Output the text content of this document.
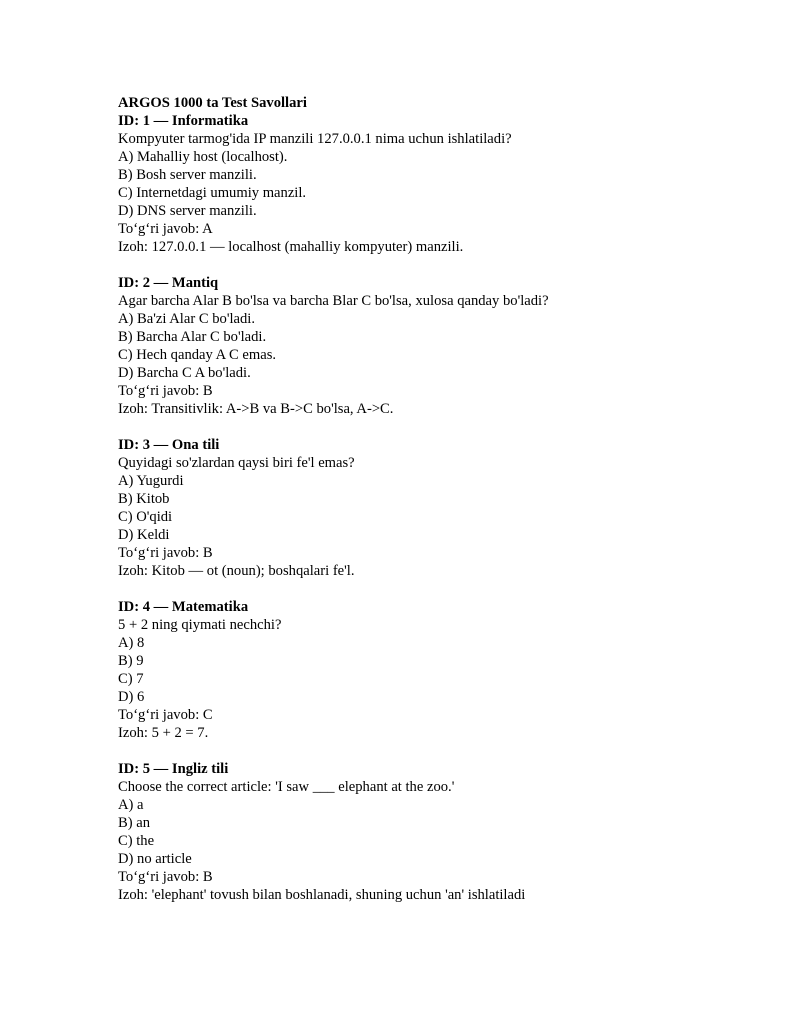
ARGOS 1000 ta Test Savollari
ID: 1 — Informatika
Kompyuter tarmog'ida IP manzili 127.0.0.1 nima uchun ishlatiladi?
A) Mahalliy host (localhost).
B) Bosh server manzili.
C) Internetdagi umumiy manzil.
D) DNS server manzili.
To‘g‘ri javob: A
Izoh: 127.0.0.1 — localhost (mahalliy kompyuter) manzili.
ID: 2 — Mantiq
Agar barcha Alar B bo'lsa va barcha Blar C bo'lsa, xulosa qanday bo'ladi?
A) Ba'zi Alar C bo'ladi.
B) Barcha Alar C bo'ladi.
C) Hech qanday A C emas.
D) Barcha C A bo'ladi.
To‘g‘ri javob: B
Izoh: Transitivlik: A->B va B->C bo'lsa, A->C.
ID: 3 — Ona tili
Quyidagi so'zlardan qaysi biri fe'l emas?
A) Yugurdi
B) Kitob
C) O'qidi
D) Keldi
To‘g‘ri javob: B
Izoh: Kitob — ot (noun); boshqalari fe'l.
ID: 4 — Matematika
5 + 2 ning qiymati nechchi?
A) 8
B) 9
C) 7
D) 6
To‘g‘ri javob: C
Izoh: 5 + 2 = 7.
ID: 5 — Ingliz tili
Choose the correct article: 'I saw ___ elephant at the zoo.'
A) a
B) an
C) the
D) no article
To‘g‘ri javob: B
Izoh: 'elephant' tovush bilan boshlanadi, shuning uchun 'an' ishlatiladi
